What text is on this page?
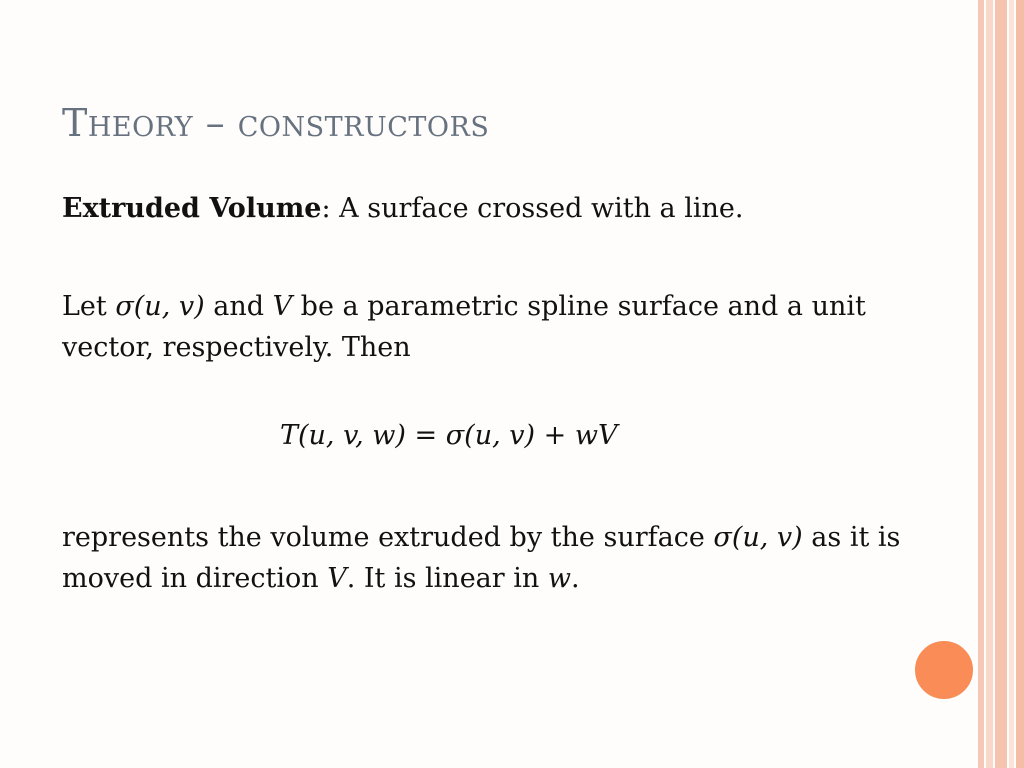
Theory – constructors
Extruded Volume: A surface crossed with a line.
Let σ(u, v) and V be a parametric spline surface and a unit vector, respectively. Then
T(u, v, w) = σ(u, v) + wV
represents the volume extruded by the surface σ(u, v) as it is moved in direction V. It is linear in w.
